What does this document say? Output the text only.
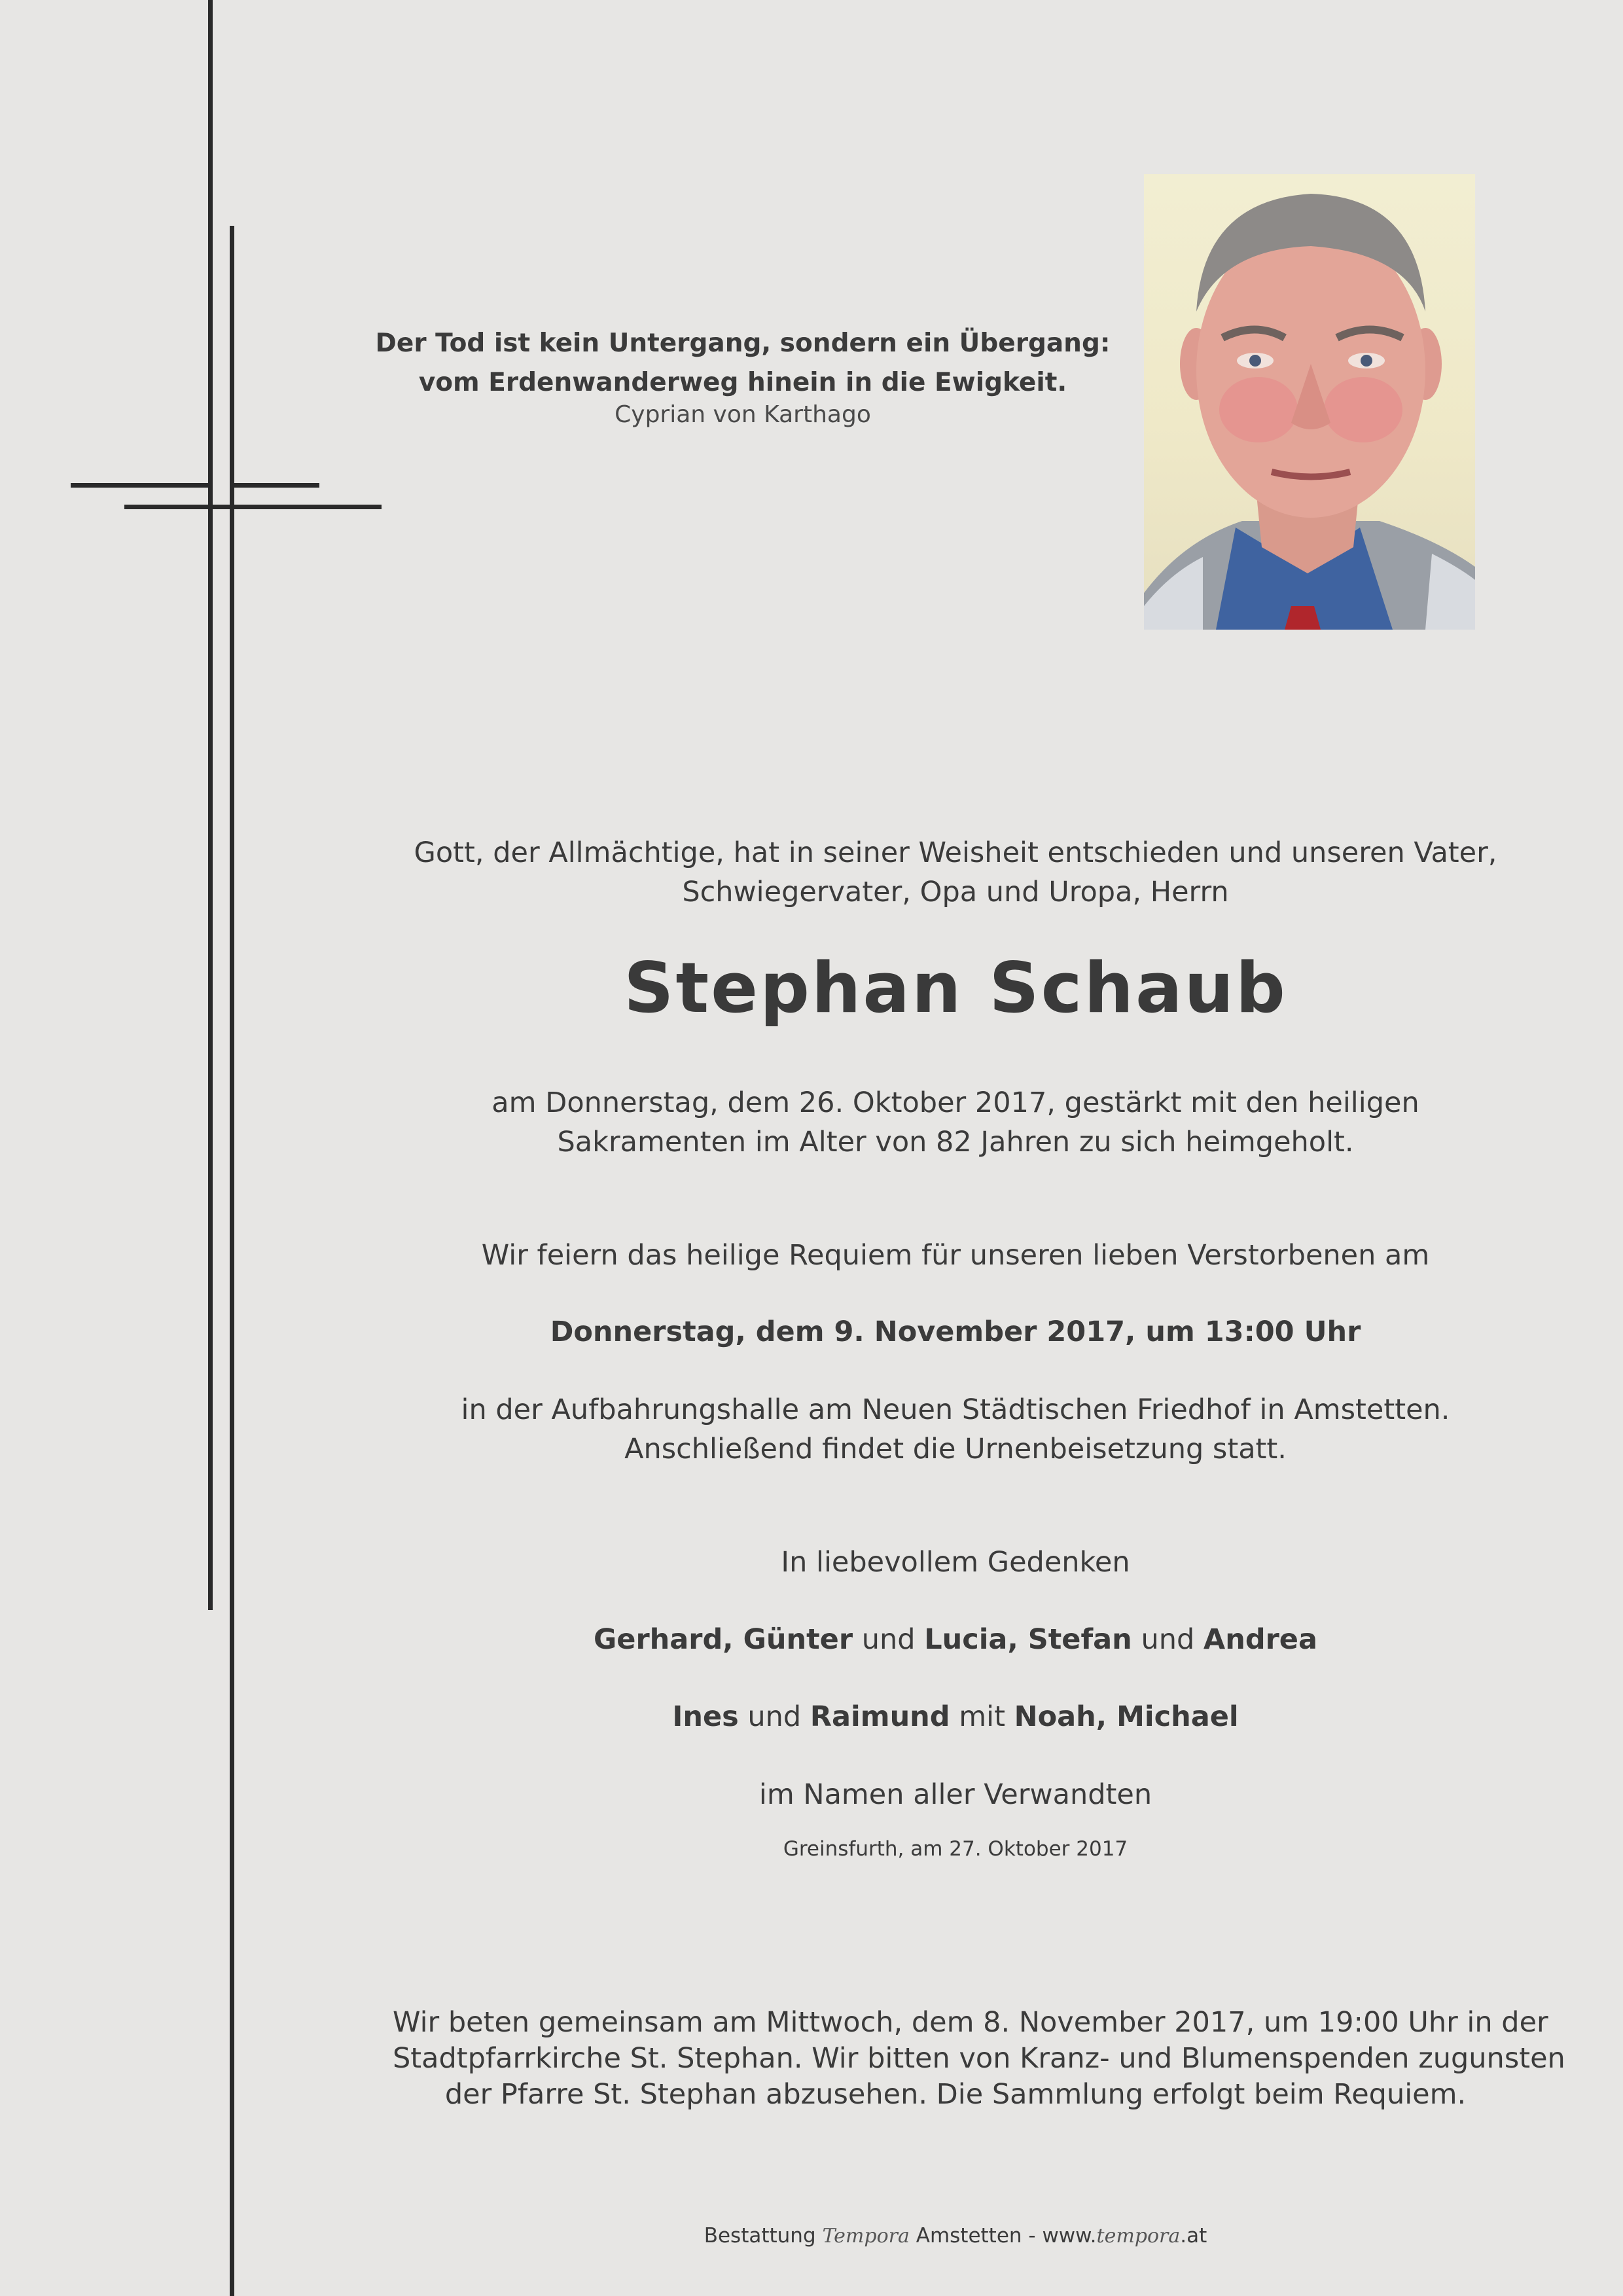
Der Tod ist kein Untergang, sondern ein Übergang:
vom Erdenwanderweg hinein in die Ewigkeit.
Cyprian von Karthago
Gott, der Allmächtige, hat in seiner Weisheit entschieden und unseren Vater,
Schwiegervater, Opa und Uropa, Herrn
Stephan Schaub
am Donnerstag, dem 26. Oktober 2017, gestärkt mit den heiligen
Sakramenten im Alter von 82 Jahren zu sich heimgeholt.
Wir feiern das heilige Requiem für unseren lieben Verstorbenen am
Donnerstag, dem 9. November 2017, um 13:00 Uhr
in der Aufbahrungshalle am Neuen Städtischen Friedhof in Amstetten.
Anschließend findet die Urnenbeisetzung statt.
In liebevollem Gedenken
Gerhard, Günter und Lucia, Stefan und Andrea
Ines und Raimund mit Noah, Michael
im Namen aller Verwandten
Greinsfurth, am 27. Oktober 2017
Wir beten gemeinsam am Mittwoch, dem 8. November 2017, um 19:00 Uhr in der
Stadtpfarrkirche St. Stephan. Wir bitten von Kranz- und Blumenspenden zugunsten
der Pfarre St. Stephan abzusehen. Die Sammlung erfolgt beim Requiem.
Bestattung Tempora Amstetten - www.tempora.at
